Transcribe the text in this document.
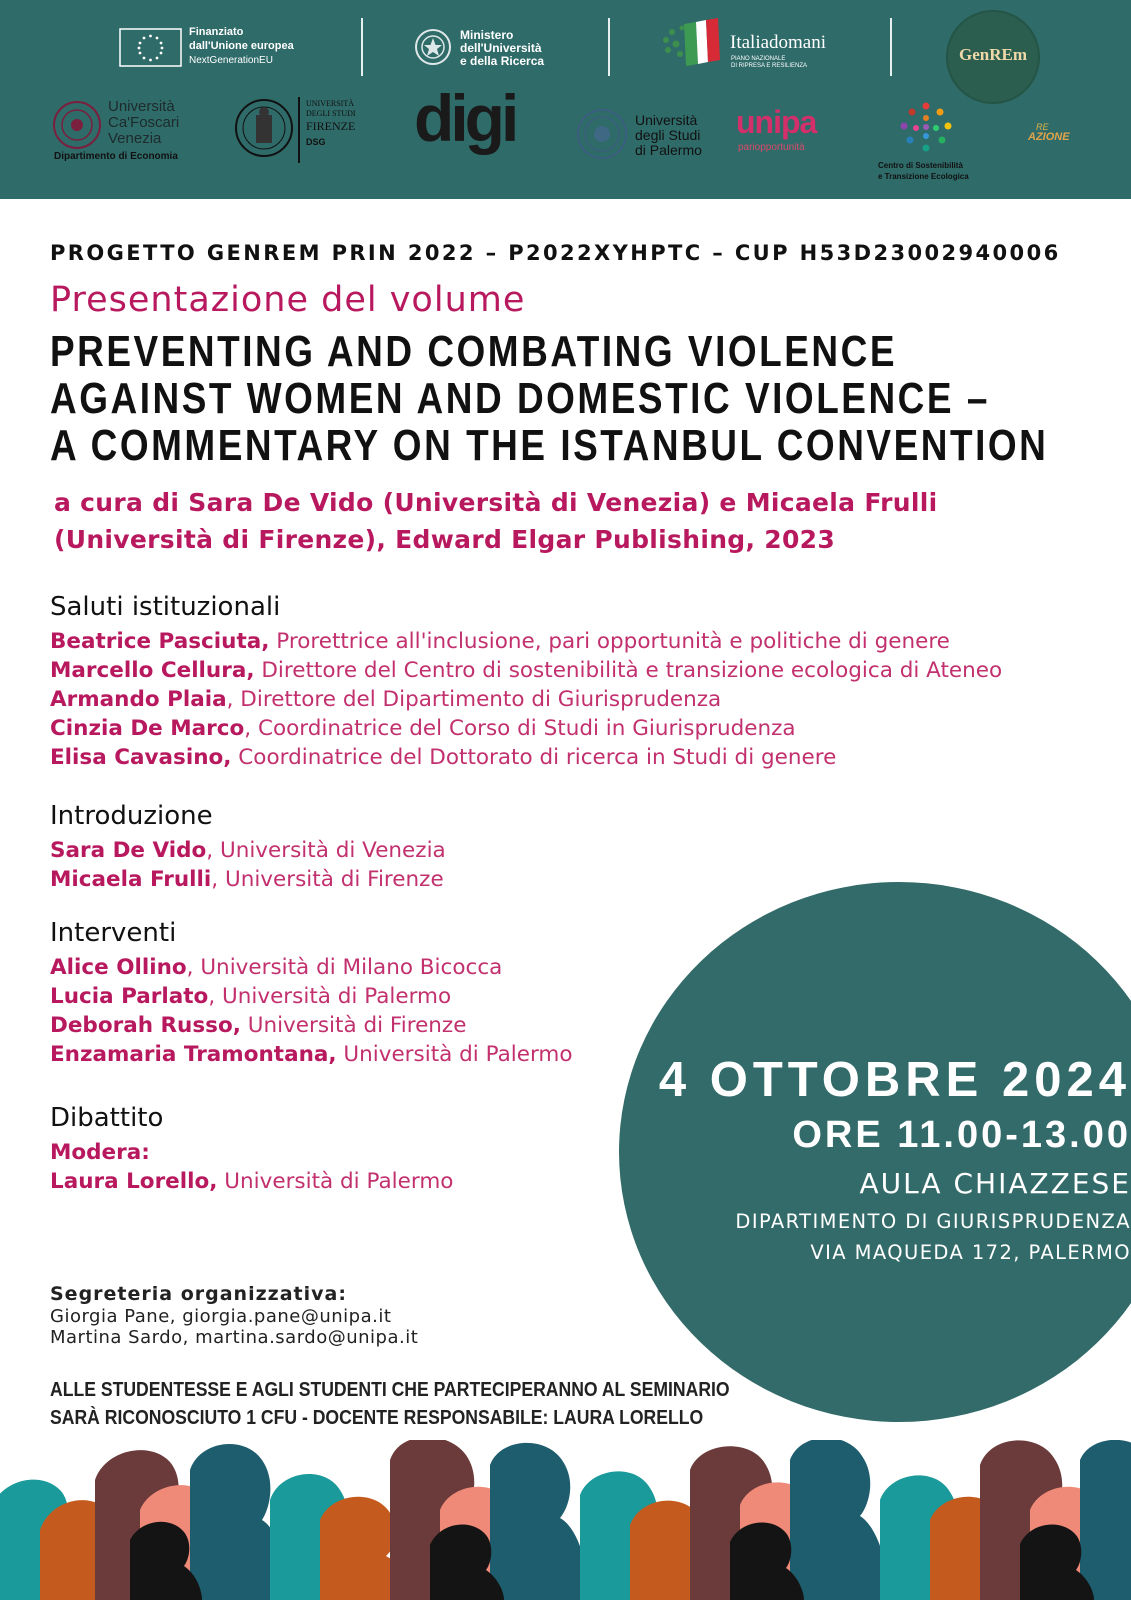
Finanziato
dall'Unione europea
NextGenerationEU
Ministero
dell'Università
e della Ricerca
Italiadomani
PIANO NAZIONALE
DI RIPRESA E RESILIENZA
GenREm
Università
Ca'Foscari
Venezia
Dipartimento di Economia
UNIVERSITÀ
DEGLI STUDI
FIRENZE
DSG digi	Università
degli Studi
di Palermo
unipa
pariopportunità
Centro di Sostenibilità
e Transizione Ecologica
RE
AZIONE
PROGETTO GENREM PRIN 2022 – P2022XYHPTC – CUP H53D23002940006
Presentazione del volume
PREVENTING AND COMBATING VIOLENCE
AGAINST WOMEN AND DOMESTIC VIOLENCE –
A COMMENTARY ON THE ISTANBUL CONVENTION
a cura di Sara De Vido (Università di Venezia) e Micaela Frulli
(Università di Firenze), Edward Elgar Publishing, 2023
Saluti istituzionali
Beatrice Pasciuta, Prorettrice all'inclusione, pari opportunità e politiche di genere
Marcello Cellura, Direttore del Centro di sostenibilità e transizione ecologica di Ateneo
Armando Plaia, Direttore del Dipartimento di Giurisprudenza
Cinzia De Marco, Coordinatrice del Corso di Studi in Giurisprudenza
Elisa Cavasino, Coordinatrice del Dottorato di ricerca in Studi di genere
Introduzione
Sara De Vido, Università di Venezia
Micaela Frulli, Università di Firenze
Interventi
Alice Ollino, Università di Milano Bicocca
Lucia Parlato, Università di Palermo
Deborah Russo, Università di Firenze
Enzamaria Tramontana, Università di Palermo
Dibattito
Modera:
Laura Lorello, Università di Palermo
4 OTTOBRE 2024
ORE 11.00-13.00
AULA CHIAZZESE
DIPARTIMENTO DI GIURISPRUDENZA
VIA MAQUEDA 172, PALERMO
Segreteria organizzativa:
Giorgia Pane, giorgia.pane@unipa.it
Martina Sardo, martina.sardo@unipa.it
ALLE STUDENTESSE E AGLI STUDENTI CHE PARTECIPERANNO AL SEMINARIO
SARÀ RICONOSCIUTO 1 CFU - DOCENTE RESPONSABILE: LAURA LORELLO
